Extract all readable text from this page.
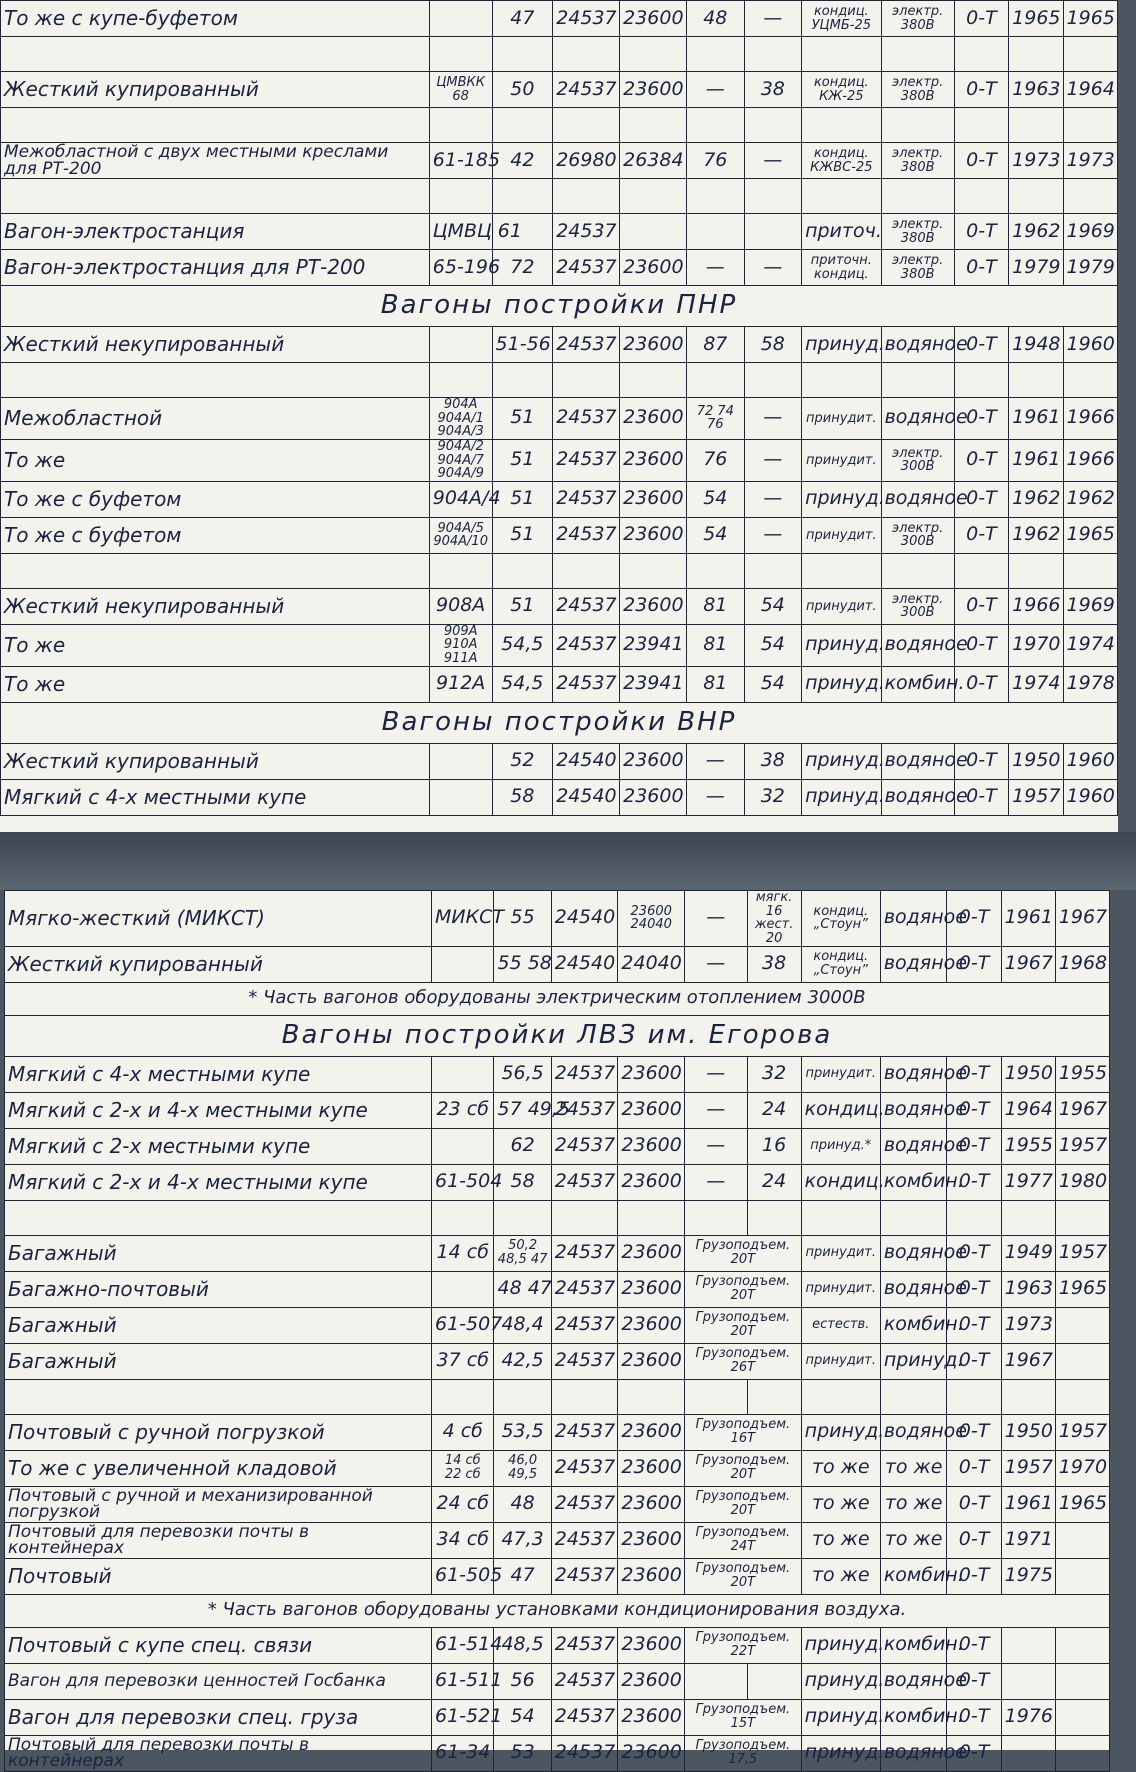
То же с купе-буфетом		47	24537	23600	48	—	кондиц. УЦМБ-25	электр. 380В	0-Т	1965	1965

Жесткий купированный	ЦМВКК 68	50	24537	23600	—	38	кондиц. КЖ-25	электр. 380В	0-Т	1963	1964

Межобластной с двух местными креслами для РТ-200	61-185	42	26980	26384	76	—	кондиц. КЖВС-25	электр. 380В	0-Т	1973	1973

Вагон-электростанция	ЦМВЦ 61		24537				приточ.	электр. 380В	0-Т	1962	1969
Вагон-электростанция для РТ-200	65-196	72	24537	23600	—	—	приточн. кондиц.	электр. 380В	0-Т	1979	1979
Вагоны постройки ПНР											
Жесткий некупированный		51-56	24537	23600	87	58	принуд.	водяное	0-Т	1948	1960

Межобластной	904А 904А/1 904А/3	51	24537	23600	72 74 76	—	принудит.	водяное	0-Т	1961	1966
То же	904А/2 904А/7 904А/9	51	24537	23600	76	—	принудит.	электр. 300В	0-Т	1961	1966
То же с буфетом	904А/4	51	24537	23600	54	—	принуд.	водяное	0-Т	1962	1962
То же с буфетом	904А/5 904А/10	51	24537	23600	54	—	принудит.	электр. 300В	0-Т	1962	1965

Жесткий некупированный	908А	51	24537	23600	81	54	принудит.	электр. 300В	0-Т	1966	1969
То же	909А 910А 911А	54,5	24537	23941	81	54	принуд.	водяное	0-Т	1970	1974
То же	912А	54,5	24537	23941	81	54	принуд.	комбин.	0-Т	1974	1978
Вагоны постройки ВНР											
Жесткий купированный		52	24540	23600	—	38	принуд.	водяное	0-Т	1950	1960
Мягкий с 4-х местными купе		58	24540	23600	—	32	принуд.	водяное	0-Т	1957	1960
Мягко-жесткий (МИКСТ)	МИКСТ	55	24540	23600 24040	—	мягк. 16 жест. 20	кондиц. „Стоун”	водяное	0-Т	1961	1967
Жесткий купированный		55 58	24540	24040	—	38	кондиц. „Стоун”	водяное	0-Т	1967	1968
* Часть вагонов оборудованы электрическим отоплением 3000В											
Вагоны постройки ЛВЗ им. Егорова											
Мягкий с 4-х местными купе		56,5	24537	23600	—	32	принудит.	водяное	0-Т	1950	1955
Мягкий с 2-х и 4-х местными купе	23 сб	57 49,5	24537	23600	—	24	кондиц.	водяное	0-Т	1964	1967
Мягкий с 2-х местными купе		62	24537	23600	—	16	принуд.*	водяное	0-Т	1955	1957
Мягкий с 2-х и 4-х местными купе	61-504	58	24537	23600	—	24	кондиц.	комбин.	0-Т	1977	1980

Багажный	14 сб	50,2 48,5 47	24537	23600	Грузоподъем. 20Т		принудит.	водяное	0-Т	1949	1957
Багажно-почтовый		48 47	24537	23600	Грузоподъем. 20Т		принудит.	водяное	0-Т	1963	1965
Багажный	61-507	48,4	24537	23600	Грузоподъем. 20Т		естеств.	комбин.	0-Т	1973	
Багажный	37 сб	42,5	24537	23600	Грузоподъем. 26Т		принудит.	принуд.	0-Т	1967	

Почтовый с ручной погрузкой	4 сб	53,5	24537	23600	Грузоподъем. 16Т		принуд.	водяное	0-Т	1950	1957
То же с увеличенной кладовой	14 сб 22 сб	46,0 49,5	24537	23600	Грузоподъем. 20Т		то же	то же	0-Т	1957	1970
Почтовый с ручной и механизированной погрузкой	24 сб	48	24537	23600	Грузоподъем. 20Т		то же	то же	0-Т	1961	1965
Почтовый для перевозки почты в контейнерах	34 сб	47,3	24537	23600	Грузоподъем. 24Т		то же	то же	0-Т	1971	
Почтовый	61-505	47	24537	23600	Грузоподъем. 20Т		то же	комбин.	0-Т	1975	
* Часть вагонов оборудованы установками кондиционирования воздуха.											
Почтовый с купе спец. связи	61-514	48,5	24537	23600	Грузоподъем. 22Т		принуд.	комбин.	0-Т		
Вагон для перевозки ценностей Госбанка	61-511	56	24537	23600			принуд.	водяное	0-Т		
Вагон для перевозки спец. груза	61-521	54	24537	23600	Грузоподъем. 15Т		принуд.	комбин.	0-Т	1976	
Почтовый для перевозки почты в контейнерах	61-34	53	24537	23600	Грузоподъем. 17,5		принуд.	водяное	0-Т		
